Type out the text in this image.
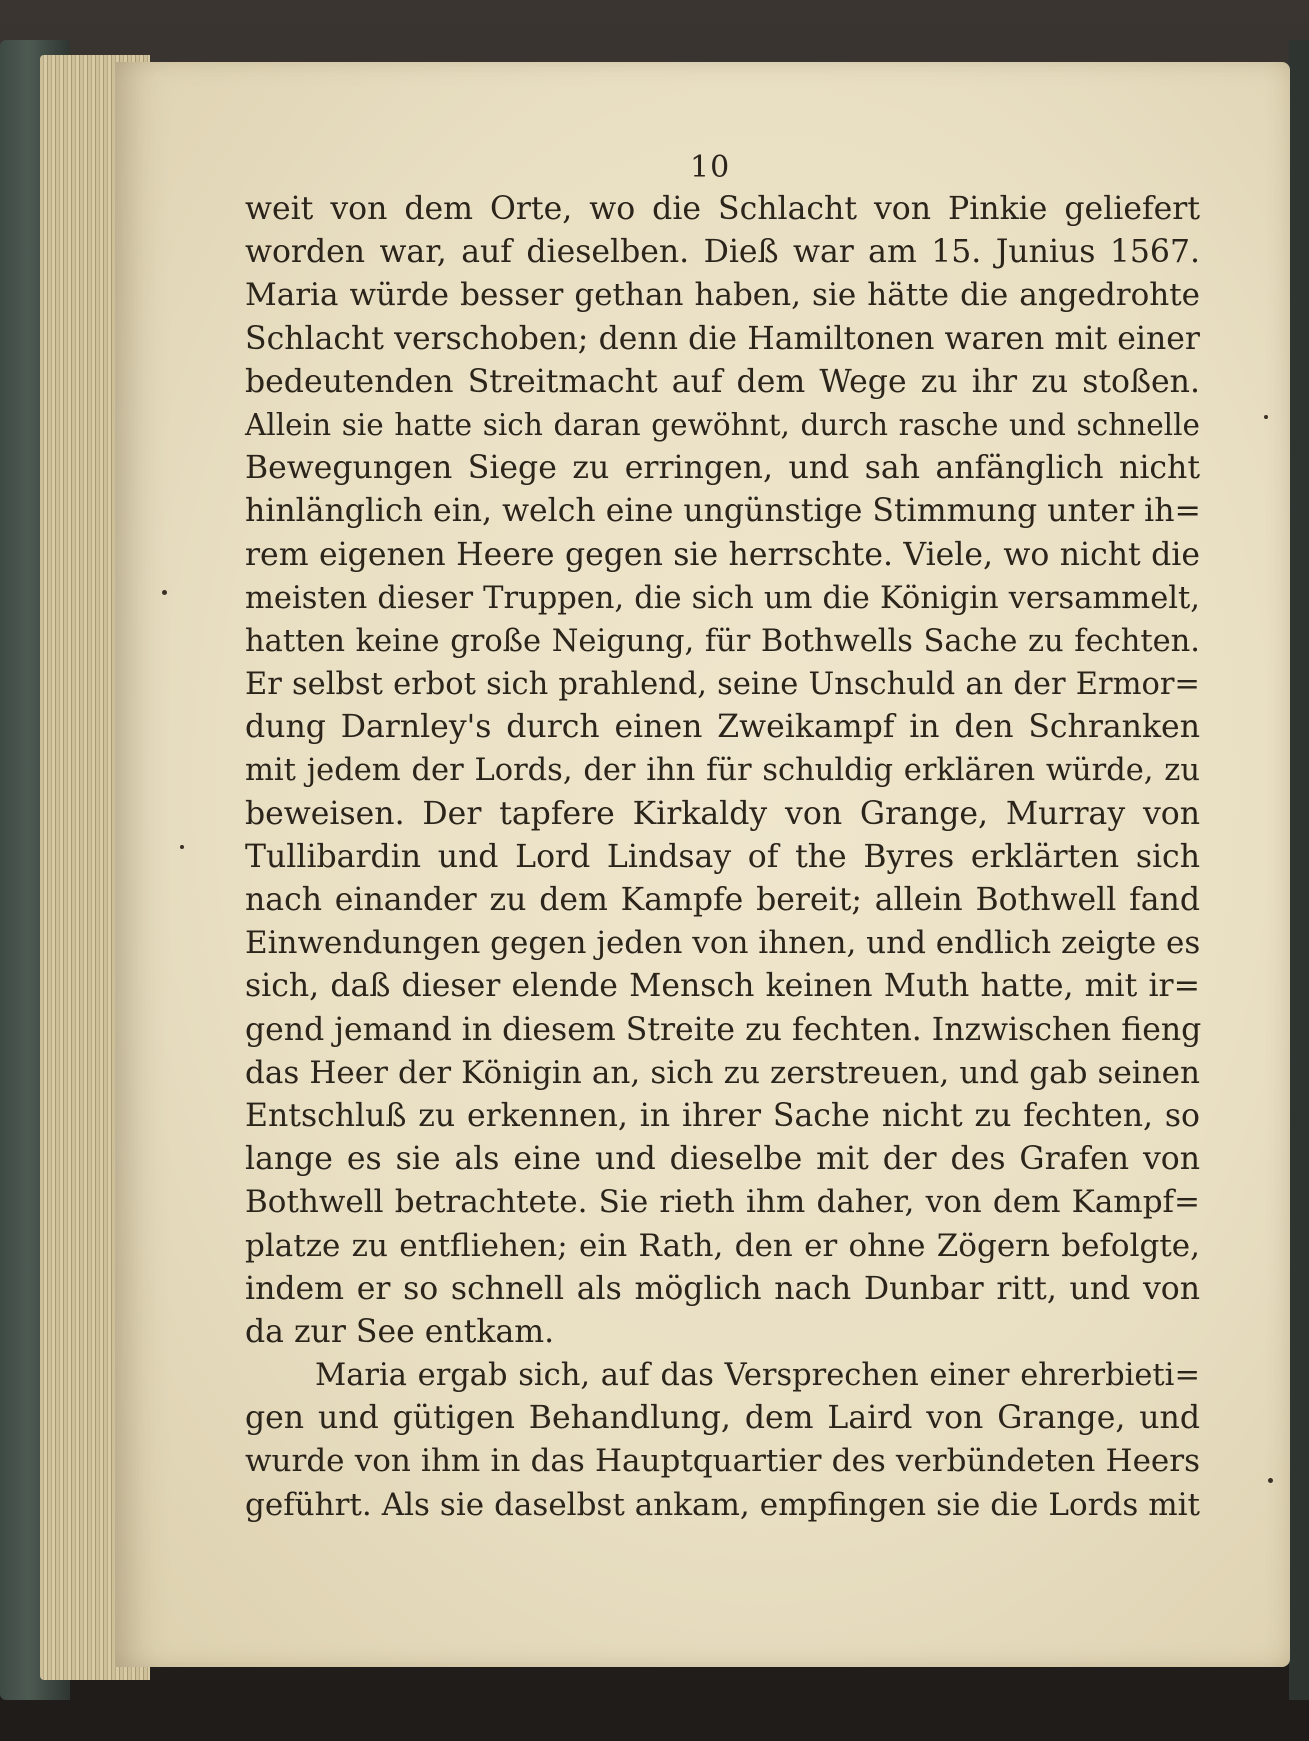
10
weit von dem Orte, wo die Schlacht von Pinkie geliefert
worden war, auf dieselben. Dieß war am 15. Junius 1567.
Maria würde besser gethan haben, sie hätte die angedrohte
Schlacht verschoben; denn die Hamiltonen waren mit einer
bedeutenden Streitmacht auf dem Wege zu ihr zu stoßen.
Allein sie hatte sich daran gewöhnt, durch rasche und schnelle
Bewegungen Siege zu erringen, und sah anfänglich nicht
hinlänglich ein, welch eine ungünstige Stimmung unter ih=
rem eigenen Heere gegen sie herrschte. Viele, wo nicht die
meisten dieser Truppen, die sich um die Königin versammelt,
hatten keine große Neigung, für Bothwells Sache zu fechten.
Er selbst erbot sich prahlend, seine Unschuld an der Ermor=
dung Darnley's durch einen Zweikampf in den Schranken
mit jedem der Lords, der ihn für schuldig erklären würde, zu
beweisen. Der tapfere Kirkaldy von Grange, Murray von
Tullibardin und Lord Lindsay of the Byres erklärten sich
nach einander zu dem Kampfe bereit; allein Bothwell fand
Einwendungen gegen jeden von ihnen, und endlich zeigte es
sich, daß dieser elende Mensch keinen Muth hatte, mit ir=
gend jemand in diesem Streite zu fechten. Inzwischen fieng
das Heer der Königin an, sich zu zerstreuen, und gab seinen
Entschluß zu erkennen, in ihrer Sache nicht zu fechten, so
lange es sie als eine und dieselbe mit der des Grafen von
Bothwell betrachtete. Sie rieth ihm daher, von dem Kampf=
platze zu entfliehen; ein Rath, den er ohne Zögern befolgte,
indem er so schnell als möglich nach Dunbar ritt, und von
da zur See entkam.
Maria ergab sich, auf das Versprechen einer ehrerbieti=
gen und gütigen Behandlung, dem Laird von Grange, und
wurde von ihm in das Hauptquartier des verbündeten Heers
geführt. Als sie daselbst ankam, empfingen sie die Lords mit
